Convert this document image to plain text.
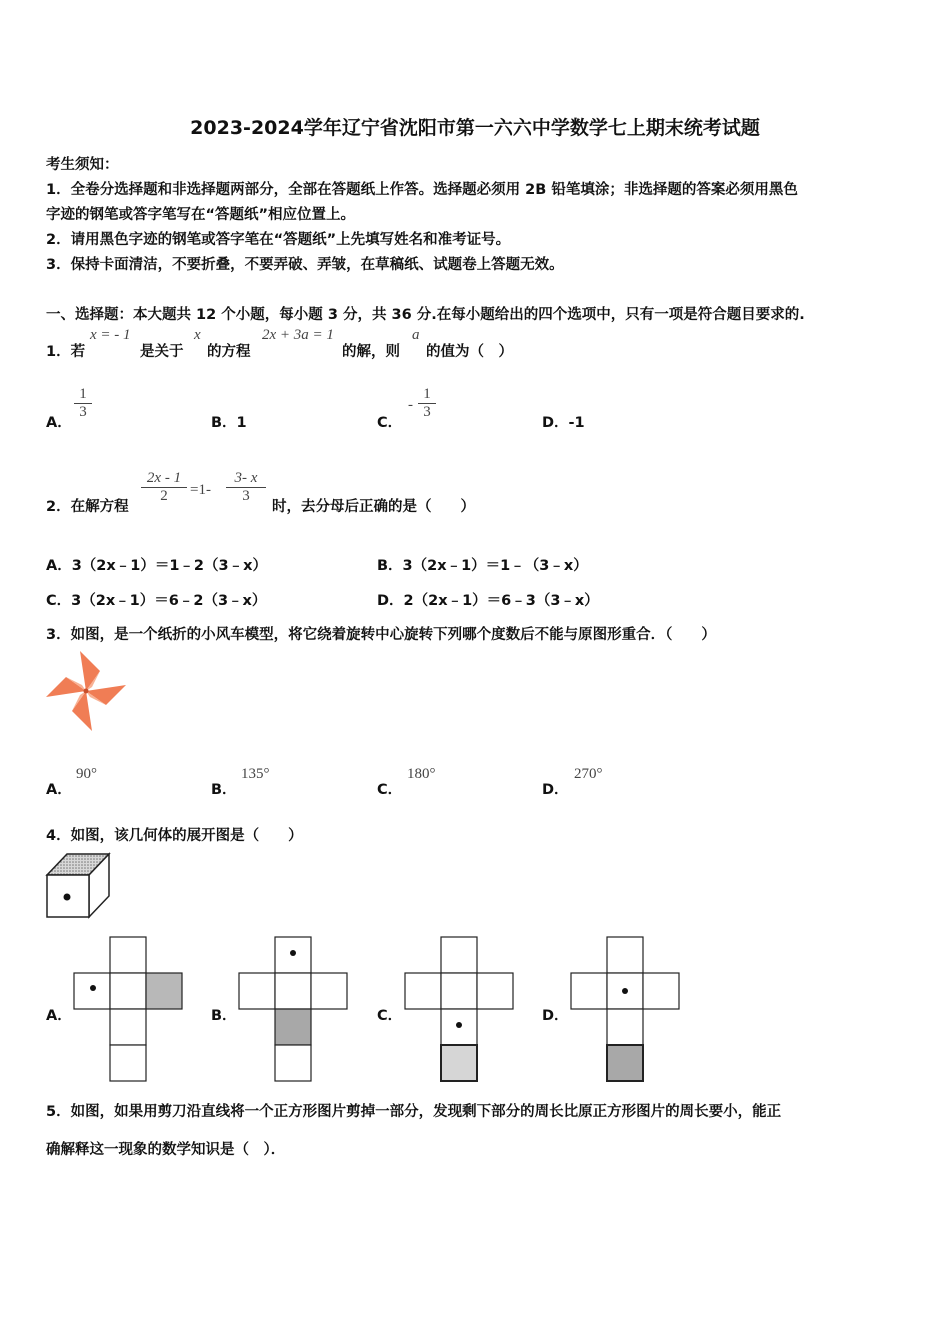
2023-2024学年辽宁省沈阳市第一六六中学数学七上期末统考试题
考生须知：
1．全卷分选择题和非选择题两部分，全部在答题纸上作答。选择题必须用 2B 铅笔填涂；非选择题的答案必须用黑色
字迹的钢笔或答字笔写在“答题纸”相应位置上。
2．请用黑色字迹的钢笔或答字笔在“答题纸”上先填写姓名和准考证号。
3．保持卡面清洁，不要折叠，不要弄破、弄皱，在草稿纸、试题卷上答题无效。
一、选择题：本大题共 12 个小题，每小题 3 分，共 36 分.在每小题给出的四个选项中，只有一项是符合题目要求的.
1．若
x = - 1
是关于
x
的方程
2x + 3a = 1
的解，则
a
的值为（　）
A．
$\frac{1}{3}$
B．1	C．
- $\frac{1}{3}$
D．-1
2．在解方程
$\frac{2x - 1}{2} =1- \frac{3- x}{3}$
时，去分母后正确的是（　　）
A．3（2x﹣1）＝1﹣2（3﹣x）	B．3（2x﹣1）＝1﹣（3﹣x）
C．3（2x﹣1）＝6﹣2（3﹣x）	D．2（2x﹣1）＝6﹣3（3﹣x）
3．如图，是一个纸折的小风车模型，将它绕着旋转中心旋转下列哪个度数后不能与原图形重合．（　　）
A．
90°
B．
135°
C．
180°
D．
270°
4．如图，该几何体的展开图是（　　）
A．	B．	C．	D．
5．如图，如果用剪刀沿直线将一个正方形图片剪掉一部分，发现剩下部分的周长比原正方形图片的周长要小，能正
确解释这一现象的数学知识是（　）．
